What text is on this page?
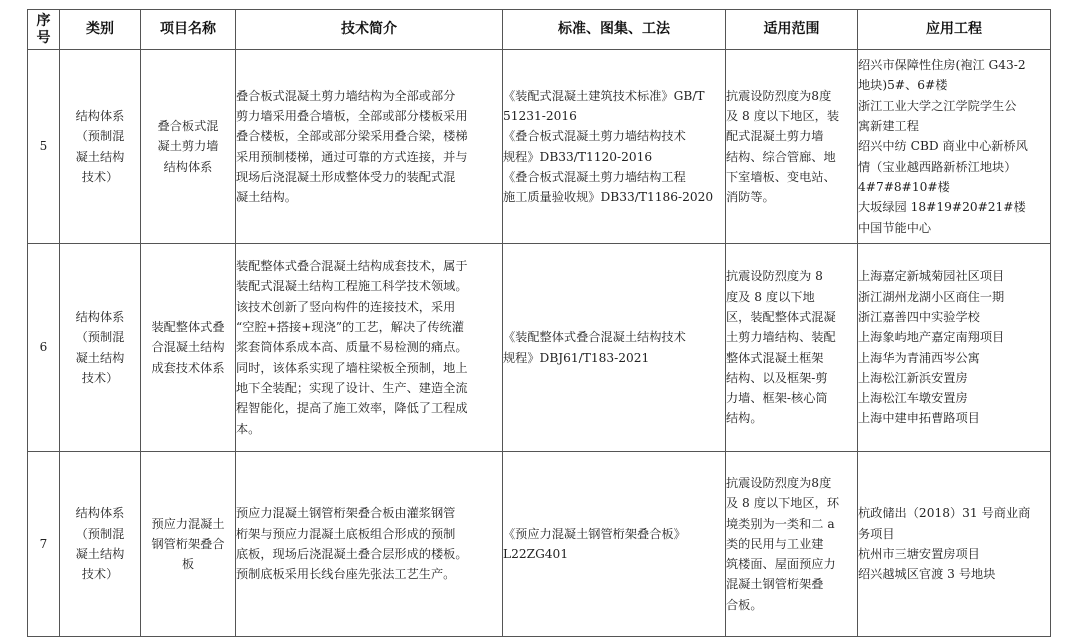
序
号	类别	项目名称	技术简介	标准、图集、工法	适用范围	应用工程
5	
结构体系
（预制混
凝土结构
技术）

叠合板式混
凝土剪力墙
结构体系

叠合板式混凝土剪力墙结构为全部或部分
剪力墙采用叠合墙板，全部或部分楼板采用
叠合楼板，全部或部分梁采用叠合梁，楼梯
采用预制楼梯，通过可靠的方式连接，并与
现场后浇混凝土形成整体受力的装配式混
凝土结构。

《装配式混凝土建筑技术标准》GB/T
51231-2016
《叠合板式混凝土剪力墙结构技术
规程》DB33/T1120-2016
《叠合板式混凝土剪力墙结构工程
施工质量验收规》DB33/T1186-2020

抗震设防烈度为8度
及 8 度以下地区，装
配式混凝土剪力墙
结构、综合管廊、地
下室墙板、变电站、
消防等。

绍兴市保障性住房(袍江 G43-2
地块)5#、6#楼
浙江工业大学之江学院学生公
寓新建工程
绍兴中纺 CBD 商业中心新桥风
情（宝业越西路新桥江地块）
4#7#8#10#楼
大坂绿园 18#19#20#21#楼
中国节能中心

6	
结构体系
（预制混
凝土结构
技术）

装配整体式叠
合混凝土结构
成套技术体系

装配整体式叠合混凝土结构成套技术，属于
装配式混凝土结构工程施工科学技术领域。
该技术创新了竖向构件的连接技术，采用
“空腔+搭接+现浇”的工艺，解决了传统灌
浆套筒体系成本高、质量不易检测的痛点。
同时，该体系实现了墙柱梁板全预制，地上
地下全装配；实现了设计、生产、建造全流
程智能化，提高了施工效率，降低了工程成
本。

《装配整体式叠合混凝土结构技术
规程》DBJ61/T183-2021

抗震设防烈度为 8
度及 8 度以下地
区，装配整体式混凝
土剪力墙结构、装配
整体式混凝土框架
结构、以及框架-剪
力墙、框架-核心筒
结构。

上海嘉定新城菊园社区项目
浙江湖州龙湖小区商住一期
浙江嘉善四中实验学校
上海象屿地产嘉定南翔项目
上海华为青浦西岑公寓
上海松江新浜安置房
上海松江车墩安置房
上海中建申拓曹路项目

7	
结构体系
（预制混
凝土结构
技术）

预应力混凝土
钢管桁架叠合
板

预应力混凝土钢管桁架叠合板由灌浆钢管
桁架与预应力混凝土底板组合形成的预制
底板，现场后浇混凝土叠合层形成的楼板。
预制底板采用长线台座先张法工艺生产。

《预应力混凝土钢管桁架叠合板》
L22ZG401

抗震设防烈度为8度
及 8 度以下地区，环
境类别为一类和二 a
类的民用与工业建
筑楼面、屋面预应力
混凝土钢管桁架叠
合板。

杭政储出（2018）31 号商业商
务项目
杭州市三塘安置房项目
绍兴越城区官渡 3 号地块
